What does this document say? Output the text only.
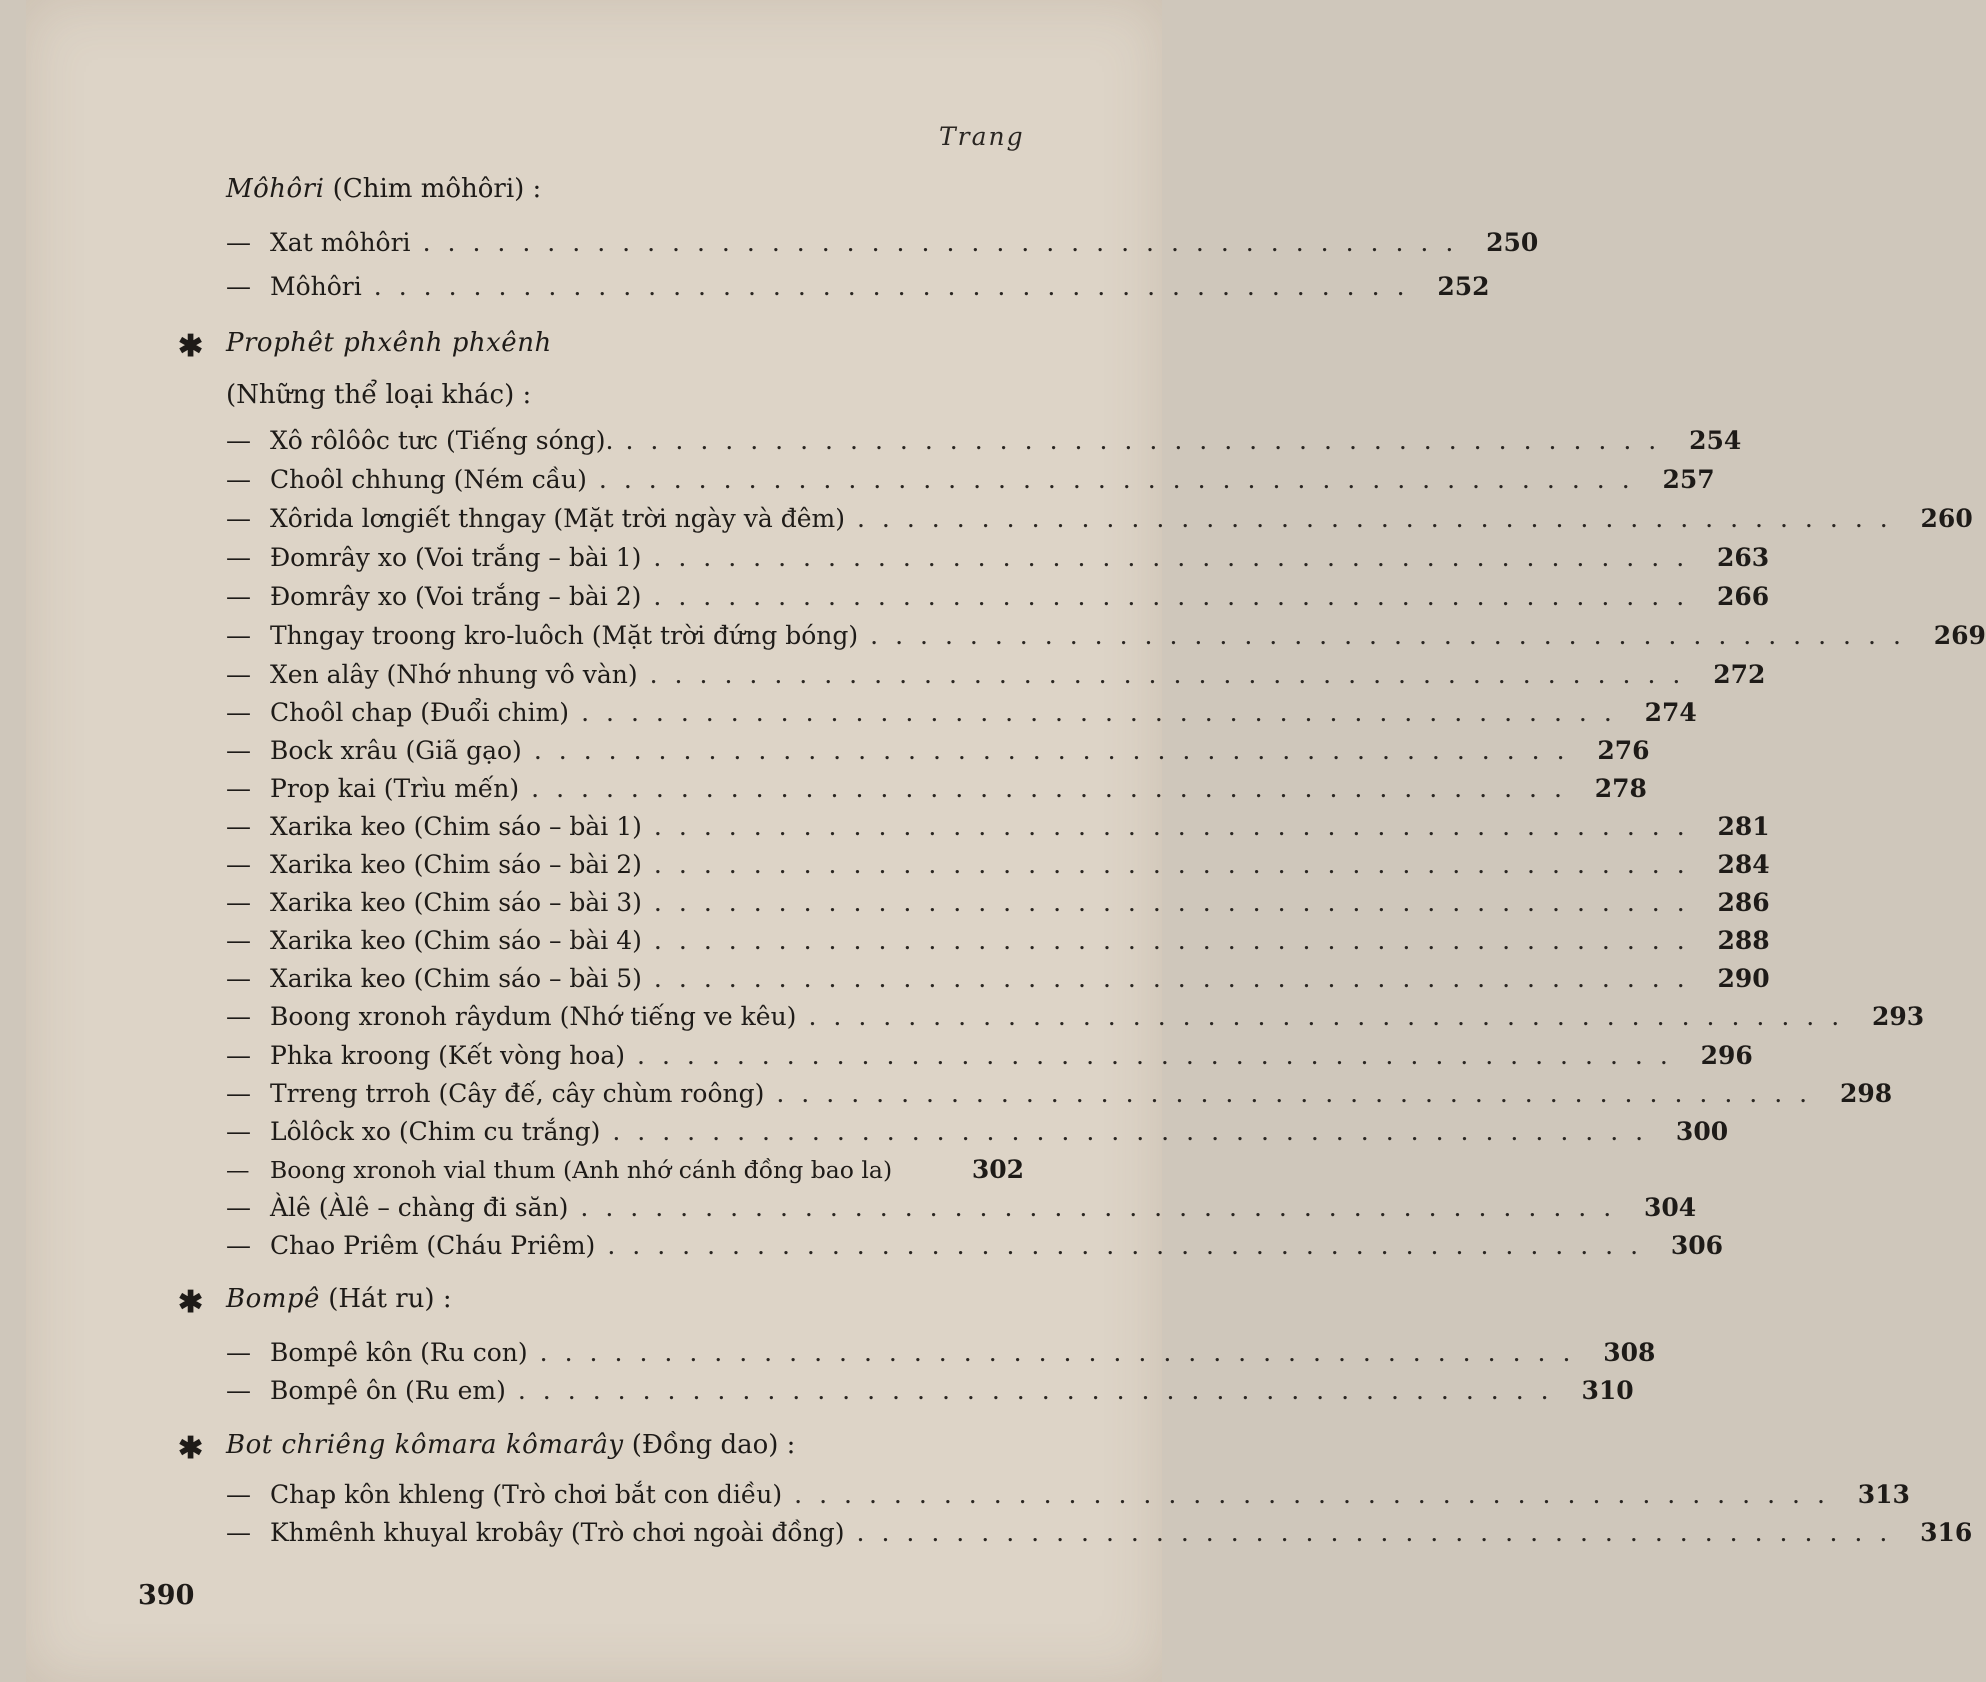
Trang
Môhôri (Chim môhôri) :
— Xat môhôri .......................................... 250
— Môhôri .......................................... 252
✱ Prophêt phxênh phxênh
(Những thể loại khác) :
— Xô rôlôôc tưc (Tiếng sóng). .......................................... 254
— Choôl chhung (Ném cầu) .......................................... 257
— Xôrida lơngiết thngay (Mặt trời ngày và đêm) .......................................... 260
— Đomrây xo (Voi trắng – bài 1) .......................................... 263
— Đomrây xo (Voi trắng – bài 2) .......................................... 266
— Thngay troong kro-luôch (Mặt trời đứng bóng) .......................................... 269
— Xen alây (Nhớ nhung vô vàn) .......................................... 272
— Choôl chap (Đuổi chim) .......................................... 274
— Bock xrâu (Giã gạo) .......................................... 276
— Prop kai (Trìu mến) .......................................... 278
— Xarika keo (Chim sáo – bài 1) .......................................... 281
— Xarika keo (Chim sáo – bài 2) .......................................... 284
— Xarika keo (Chim sáo – bài 3) .......................................... 286
— Xarika keo (Chim sáo – bài 4) .......................................... 288
— Xarika keo (Chim sáo – bài 5) .......................................... 290
— Boong xronoh râydum (Nhớ tiếng ve kêu) .......................................... 293
— Phka kroong (Kết vòng hoa) .......................................... 296
— Trreng trroh (Cây đế, cây chùm roông) .......................................... 298
— Lôlôck xo (Chim cu trắng) .......................................... 300
— Boong xronoh vial thum (Anh nhớ cánh đồng bao la)	302
— Àlê (Àlê – chàng đi săn) .......................................... 304
— Chao Priêm (Cháu Priêm) .......................................... 306
✱ Bompê (Hát ru) :
— Bompê kôn (Ru con) .......................................... 308
— Bompê ôn (Ru em) .......................................... 310
✱ Bot chriêng kômara kômarây (Đồng dao) :
— Chap kôn khleng (Trò chơi bắt con diều) .......................................... 313
— Khmênh khuyal krobây (Trò chơi ngoài đồng) .......................................... 316
390
